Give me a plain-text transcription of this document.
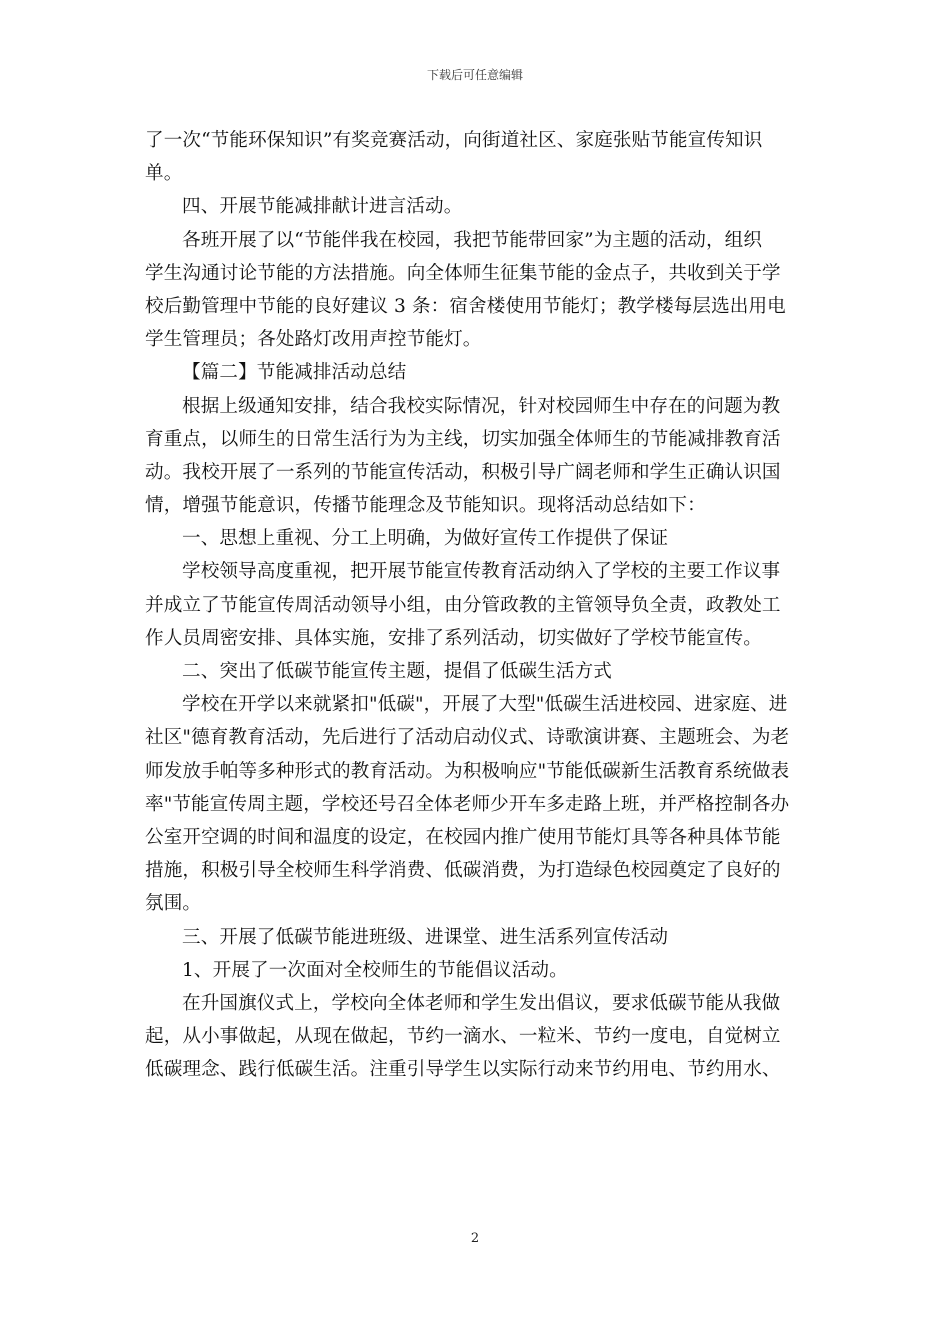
下载后可任意编辑
了一次“节能环保知识”有奖竞赛活动，向街道社区、家庭张贴节能宣传知识
单。
四、开展节能减排献计进言活动。
各班开展了以“节能伴我在校园，我把节能带回家”为主题的活动，组织
学生沟通讨论节能的方法措施。向全体师生征集节能的金点子，共收到关于学
校后勤管理中节能的良好建议 3 条：宿舍楼使用节能灯；教学楼每层选出用电
学生管理员；各处路灯改用声控节能灯。
【篇二】节能减排活动总结
根据上级通知安排，结合我校实际情况，针对校园师生中存在的问题为教
育重点，以师生的日常生活行为为主线，切实加强全体师生的节能减排教育活
动。我校开展了一系列的节能宣传活动，积极引导广阔老师和学生正确认识国
情，增强节能意识，传播节能理念及节能知识。现将活动总结如下：
一、思想上重视、分工上明确，为做好宣传工作提供了保证
学校领导高度重视，把开展节能宣传教育活动纳入了学校的主要工作议事
并成立了节能宣传周活动领导小组，由分管政教的主管领导负全责，政教处工
作人员周密安排、具体实施，安排了系列活动，切实做好了学校节能宣传。
二、突出了低碳节能宣传主题，提倡了低碳生活方式
学校在开学以来就紧扣"低碳"，开展了大型"低碳生活进校园、进家庭、进
社区"德育教育活动，先后进行了活动启动仪式、诗歌演讲赛、主题班会、为老
师发放手帕等多种形式的教育活动。为积极响应"节能低碳新生活教育系统做表
率"节能宣传周主题，学校还号召全体老师少开车多走路上班，并严格控制各办
公室开空调的时间和温度的设定，在校园内推广使用节能灯具等各种具体节能
措施，积极引导全校师生科学消费、低碳消费，为打造绿色校园奠定了良好的
氛围。
三、开展了低碳节能进班级、进课堂、进生活系列宣传活动
1、开展了一次面对全校师生的节能倡议活动。
在升国旗仪式上，学校向全体老师和学生发出倡议，要求低碳节能从我做
起，从小事做起，从现在做起，节约一滴水、一粒米、节约一度电，自觉树立
低碳理念、践行低碳生活。注重引导学生以实际行动来节约用电、节约用水、
2
